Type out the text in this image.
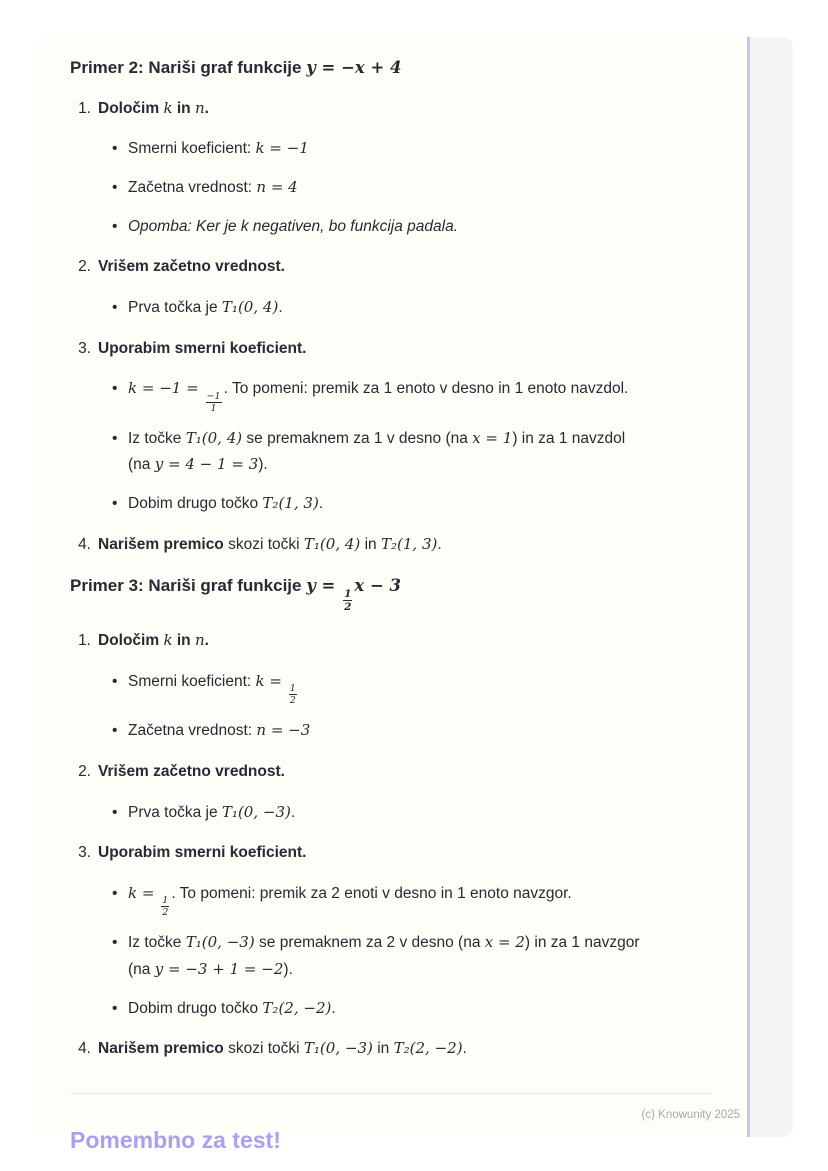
Primer 2: Nariši graf funkcije y = −x + 4
1. Določim k in n.
• Smerni koeficient: k = −1
• Začetna vrednost: n = 4
• Opomba: Ker je k negativen, bo funkcija padala.
2. Vrišem začetno vrednost.
• Prva točka je T₁(0, 4).
3. Uporabim smerni koeficient.
• k = −1 =
$\frac{-1}{1}$
. To pomeni: premik za 1 enoto v desno in 1 enoto navzdol.
• Iz točke T₁(0, 4) se premaknem za 1 v desno (na x = 1) in za 1 navzdol
(na y = 4 − 1 = 3).
• Dobim drugo točko T₂(1, 3).
4. Narišem premico skozi točki T₁(0, 4) in T₂(1, 3).
Primer 3: Nariši graf funkcije y =
$\frac{1}{2}$
x − 3
1. Določim k in n.
• Smerni koeficient: k =
$\frac{1}{2}$
• Začetna vrednost: n = −3
2. Vrišem začetno vrednost.
• Prva točka je T₁(0, −3).
3. Uporabim smerni koeficient.
• k =
$\frac{1}{2}$
. To pomeni: premik za 2 enoti v desno in 1 enoto navzgor.
• Iz točke T₁(0, −3) se premaknem za 2 v desno (na x = 2) in za 1 navzgor
(na y = −3 + 1 = −2).
• Dobim drugo točko T₂(2, −2).
4. Narišem premico skozi točki T₁(0, −3) in T₂(2, −2).
Pomembno za test!
(c) Knowunity 2025
